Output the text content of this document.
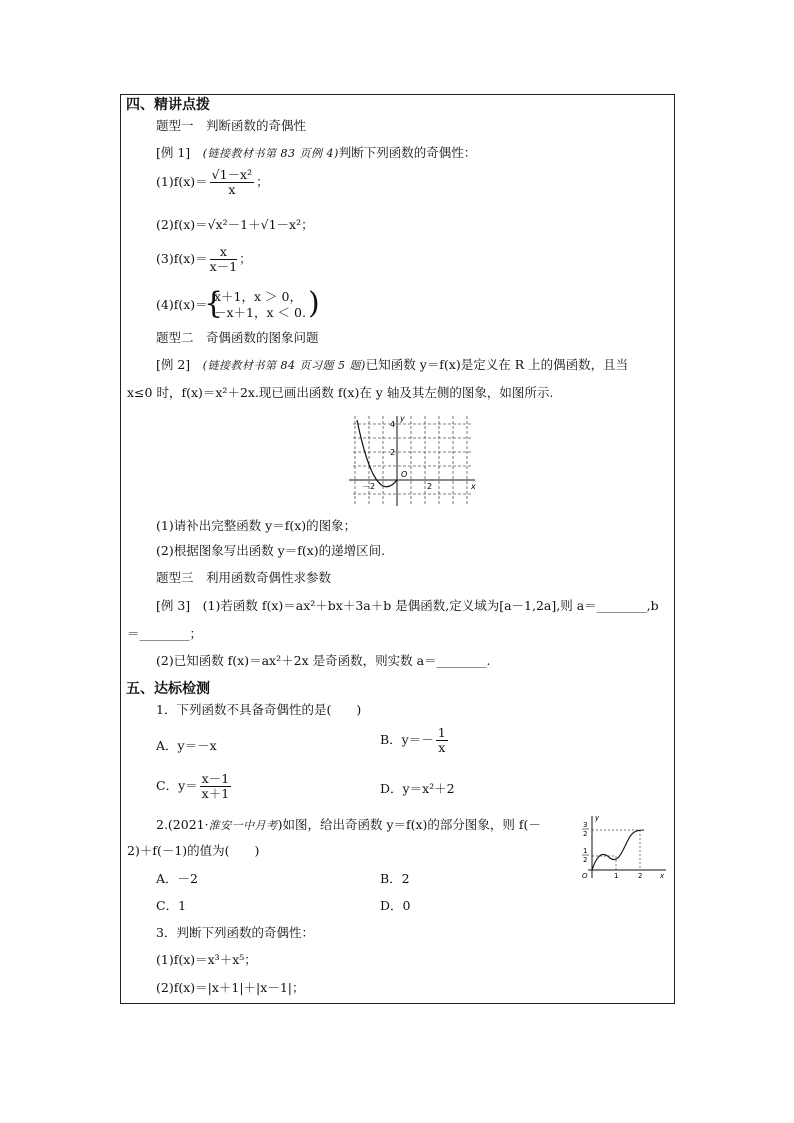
四、精讲点拨
题型一　判断函数的奇偶性
[例 1]　(链接教材书第 83 页例 4)判断下列函数的奇偶性：
$(1)f(x)= \frac{\text{√1－x²}}{x}$ ；
(2)f(x)＝√x²－1＋√1－x²；
$(3)f(x)= \frac{x}{x-1}$ ；
(4)f(x)＝
{
x＋1，x ＞ 0，
－x＋1，x ＜ 0. )
题型二　奇偶函数的图象问题
[例 2]　(链接教材书第 84 页习题 5 题)已知函数 y＝f(x)是定义在 R 上的偶函数，且当
x≤0 时，f(x)＝x²＋2x.现已画出函数 f(x)在 y 轴及其左侧的图象，如图所示.
y
4
2
O
－2	2	x
(1)请补出完整函数 y＝f(x)的图象；
(2)根据图象写出函数 y＝f(x)的递增区间.
题型三　利用函数奇偶性求参数
[例 3]　(1)若函数 f(x)＝ax²＋bx＋3a＋b 是偶函数,定义域为[a－1,2a],则 a＝________,b
＝________；
(2)已知函数 f(x)＝ax²＋2x 是奇函数，则实数 a＝________.
五、达标检测
1．下列函数不具备奇偶性的是(　　)
A．y＝－x	B．$y=- \frac{1}{x}$
C．$y= \frac{x-1}{x+1}$	D．y＝x²＋2
2.(2021·淮安一中月考)如图，给出奇函数 y＝f(x)的部分图象，则 f(－
2)＋f(－1)的值为(　　)
A．－2	B．2
C．1	D．0
y
3
2
1
2
O	1	2	x
3．判断下列函数的奇偶性：
(1)f(x)＝x³＋x⁵；
(2)f(x)＝|x＋1|＋|x－1|；
